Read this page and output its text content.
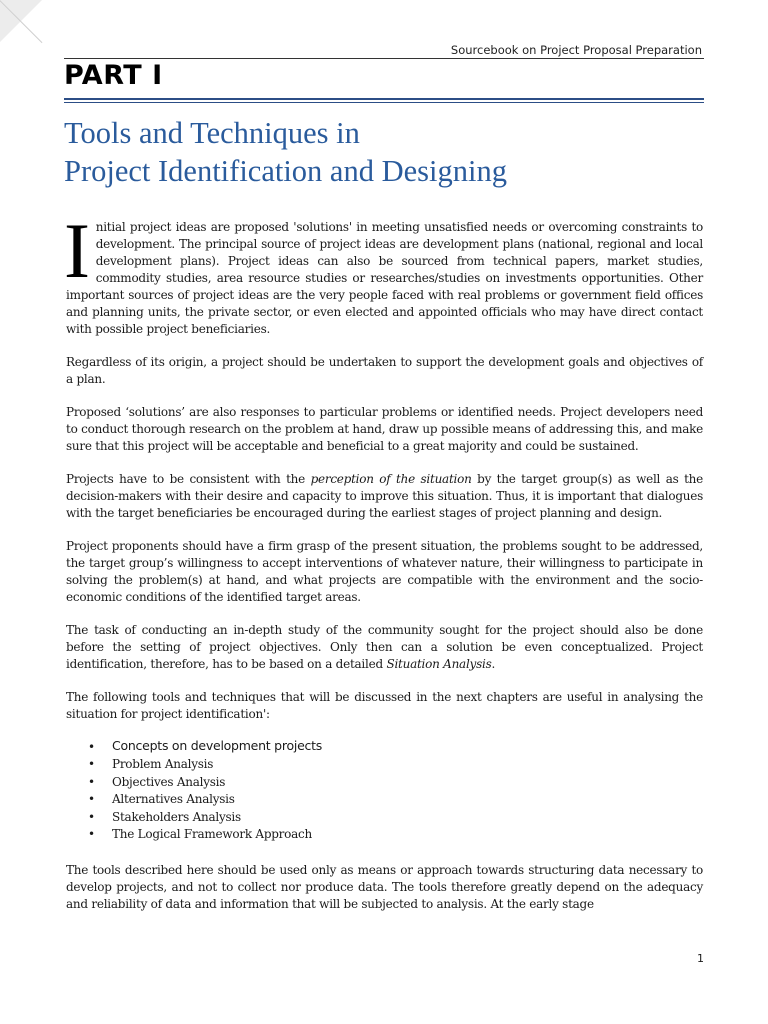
Sourcebook on Project Proposal Preparation
PART I
Tools and Techniques in
Project Identification and Designing

Initial project ideas are proposed 'solutions' in meeting unsatisfied needs or overcoming constraints to development. The principal source of project ideas are development plans (national, regional and local development plans). Project ideas can also be sourced from technical papers, market studies, commodity studies, area resource studies or researches/studies on investments opportunities. Other important sources of project ideas are the very people faced with real problems or government field offices and planning units, the private sector, or even elected and appointed officials who may have direct contact with possible project beneficiaries.

Regardless of its origin, a project should be undertaken to support the development goals and objectives of a plan.

Proposed ‘solutions’ are also responses to particular problems or identified needs. Project developers need to conduct thorough research on the problem at hand, draw up possible means of addressing this, and make sure that this project will be acceptable and beneficial to a great majority and could be sustained.

Projects have to be consistent with the perception of the situation by the target group(s) as well as the decision-makers with their desire and capacity to improve this situation. Thus, it is important that dialogues with the target beneficiaries be encouraged during the earliest stages of project planning and design.

Project proponents should have a firm grasp of the present situation, the problems sought to be addressed, the target group’s willingness to accept interventions of whatever nature, their willingness to participate in solving the problem(s) at hand, and what projects are compatible with the environment and the socio-economic conditions of the identified target areas.

The task of conducting an in-depth study of the community sought for the project should also be done before the setting of project objectives. Only then can a solution be even conceptualized. Project identification, therefore, has to be based on a detailed Situation Analysis.

The following tools and techniques that will be discussed in the next chapters are useful in analysing the situation for project identification':

• Concepts on development projects
• Problem Analysis
• Objectives Analysis
• Alternatives Analysis
• Stakeholders Analysis
• The Logical Framework Approach

The tools described here should be used only as means or approach towards structuring data necessary to develop projects, and not to collect nor produce data. The tools therefore greatly depend on the adequacy and reliability of data and information that will be subjected to analysis. At the early stage

1
